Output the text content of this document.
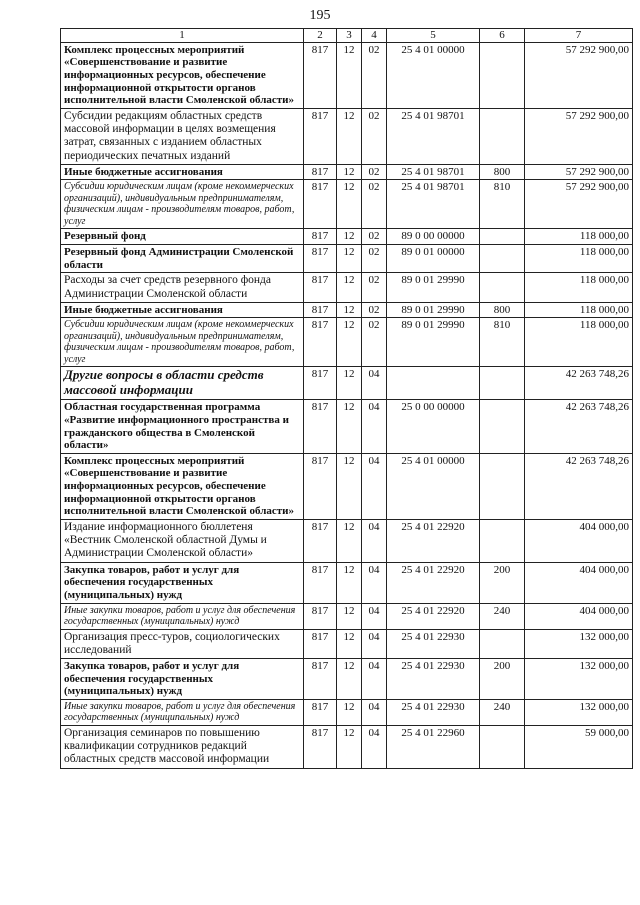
195
1	2	3	4	5	6	7
Комплекс процессных мероприятий «Совершенствование и развитие информационных ресурсов, обеспечение информационной открытости органов исполнительной власти Смоленской области»	817	12	02	25 4 01 00000		57 292 900,00
Субсидии редакциям областных средств массовой информации в целях возмещения затрат, связанных с изданием областных периодических печатных изданий	817	12	02	25 4 01 98701		57 292 900,00
Иные бюджетные ассигнования	817	12	02	25 4 01 98701	800	57 292 900,00
Субсидии юридическим лицам (кроме некоммерческих организаций), индивидуальным предпринимателям, физическим лицам - производителям товаров, работ, услуг	817	12	02	25 4 01 98701	810	57 292 900,00
Резервный фонд	817	12	02	89 0 00 00000		118 000,00
Резервный фонд Администрации Смоленской области	817	12	02	89 0 01 00000		118 000,00
Расходы за счет средств резервного фонда Администрации Смоленской области	817	12	02	89 0 01 29990		118 000,00
Иные бюджетные ассигнования	817	12	02	89 0 01 29990	800	118 000,00
Субсидии юридическим лицам (кроме некоммерческих организаций), индивидуальным предпринимателям, физическим лицам - производителям товаров, работ, услуг	817	12	02	89 0 01 29990	810	118 000,00
Другие вопросы в области средств массовой информации	817	12	04			42 263 748,26
Областная государственная программа «Развитие информационного пространства и гражданского общества в Смоленской области»	817	12	04	25 0 00 00000		42 263 748,26
Комплекс процессных мероприятий «Совершенствование и развитие информационных ресурсов, обеспечение информационной открытости органов исполнительной власти Смоленской области»	817	12	04	25 4 01 00000		42 263 748,26
Издание информационного бюллетеня «Вестник Смоленской областной Думы и Администрации Смоленской области»	817	12	04	25 4 01 22920		404 000,00
Закупка товаров, работ и услуг для обеспечения государственных (муниципальных) нужд	817	12	04	25 4 01 22920	200	404 000,00
Иные закупки товаров, работ и услуг для обеспечения государственных (муниципальных) нужд	817	12	04	25 4 01 22920	240	404 000,00
Организация пресс-туров, социологических исследований	817	12	04	25 4 01 22930		132 000,00
Закупка товаров, работ и услуг для обеспечения государственных (муниципальных) нужд	817	12	04	25 4 01 22930	200	132 000,00
Иные закупки товаров, работ и услуг для обеспечения государственных (муниципальных) нужд	817	12	04	25 4 01 22930	240	132 000,00
Организация семинаров по повышению квалификации сотрудников редакций областных средств массовой информации	817	12	04	25 4 01 22960		59 000,00
